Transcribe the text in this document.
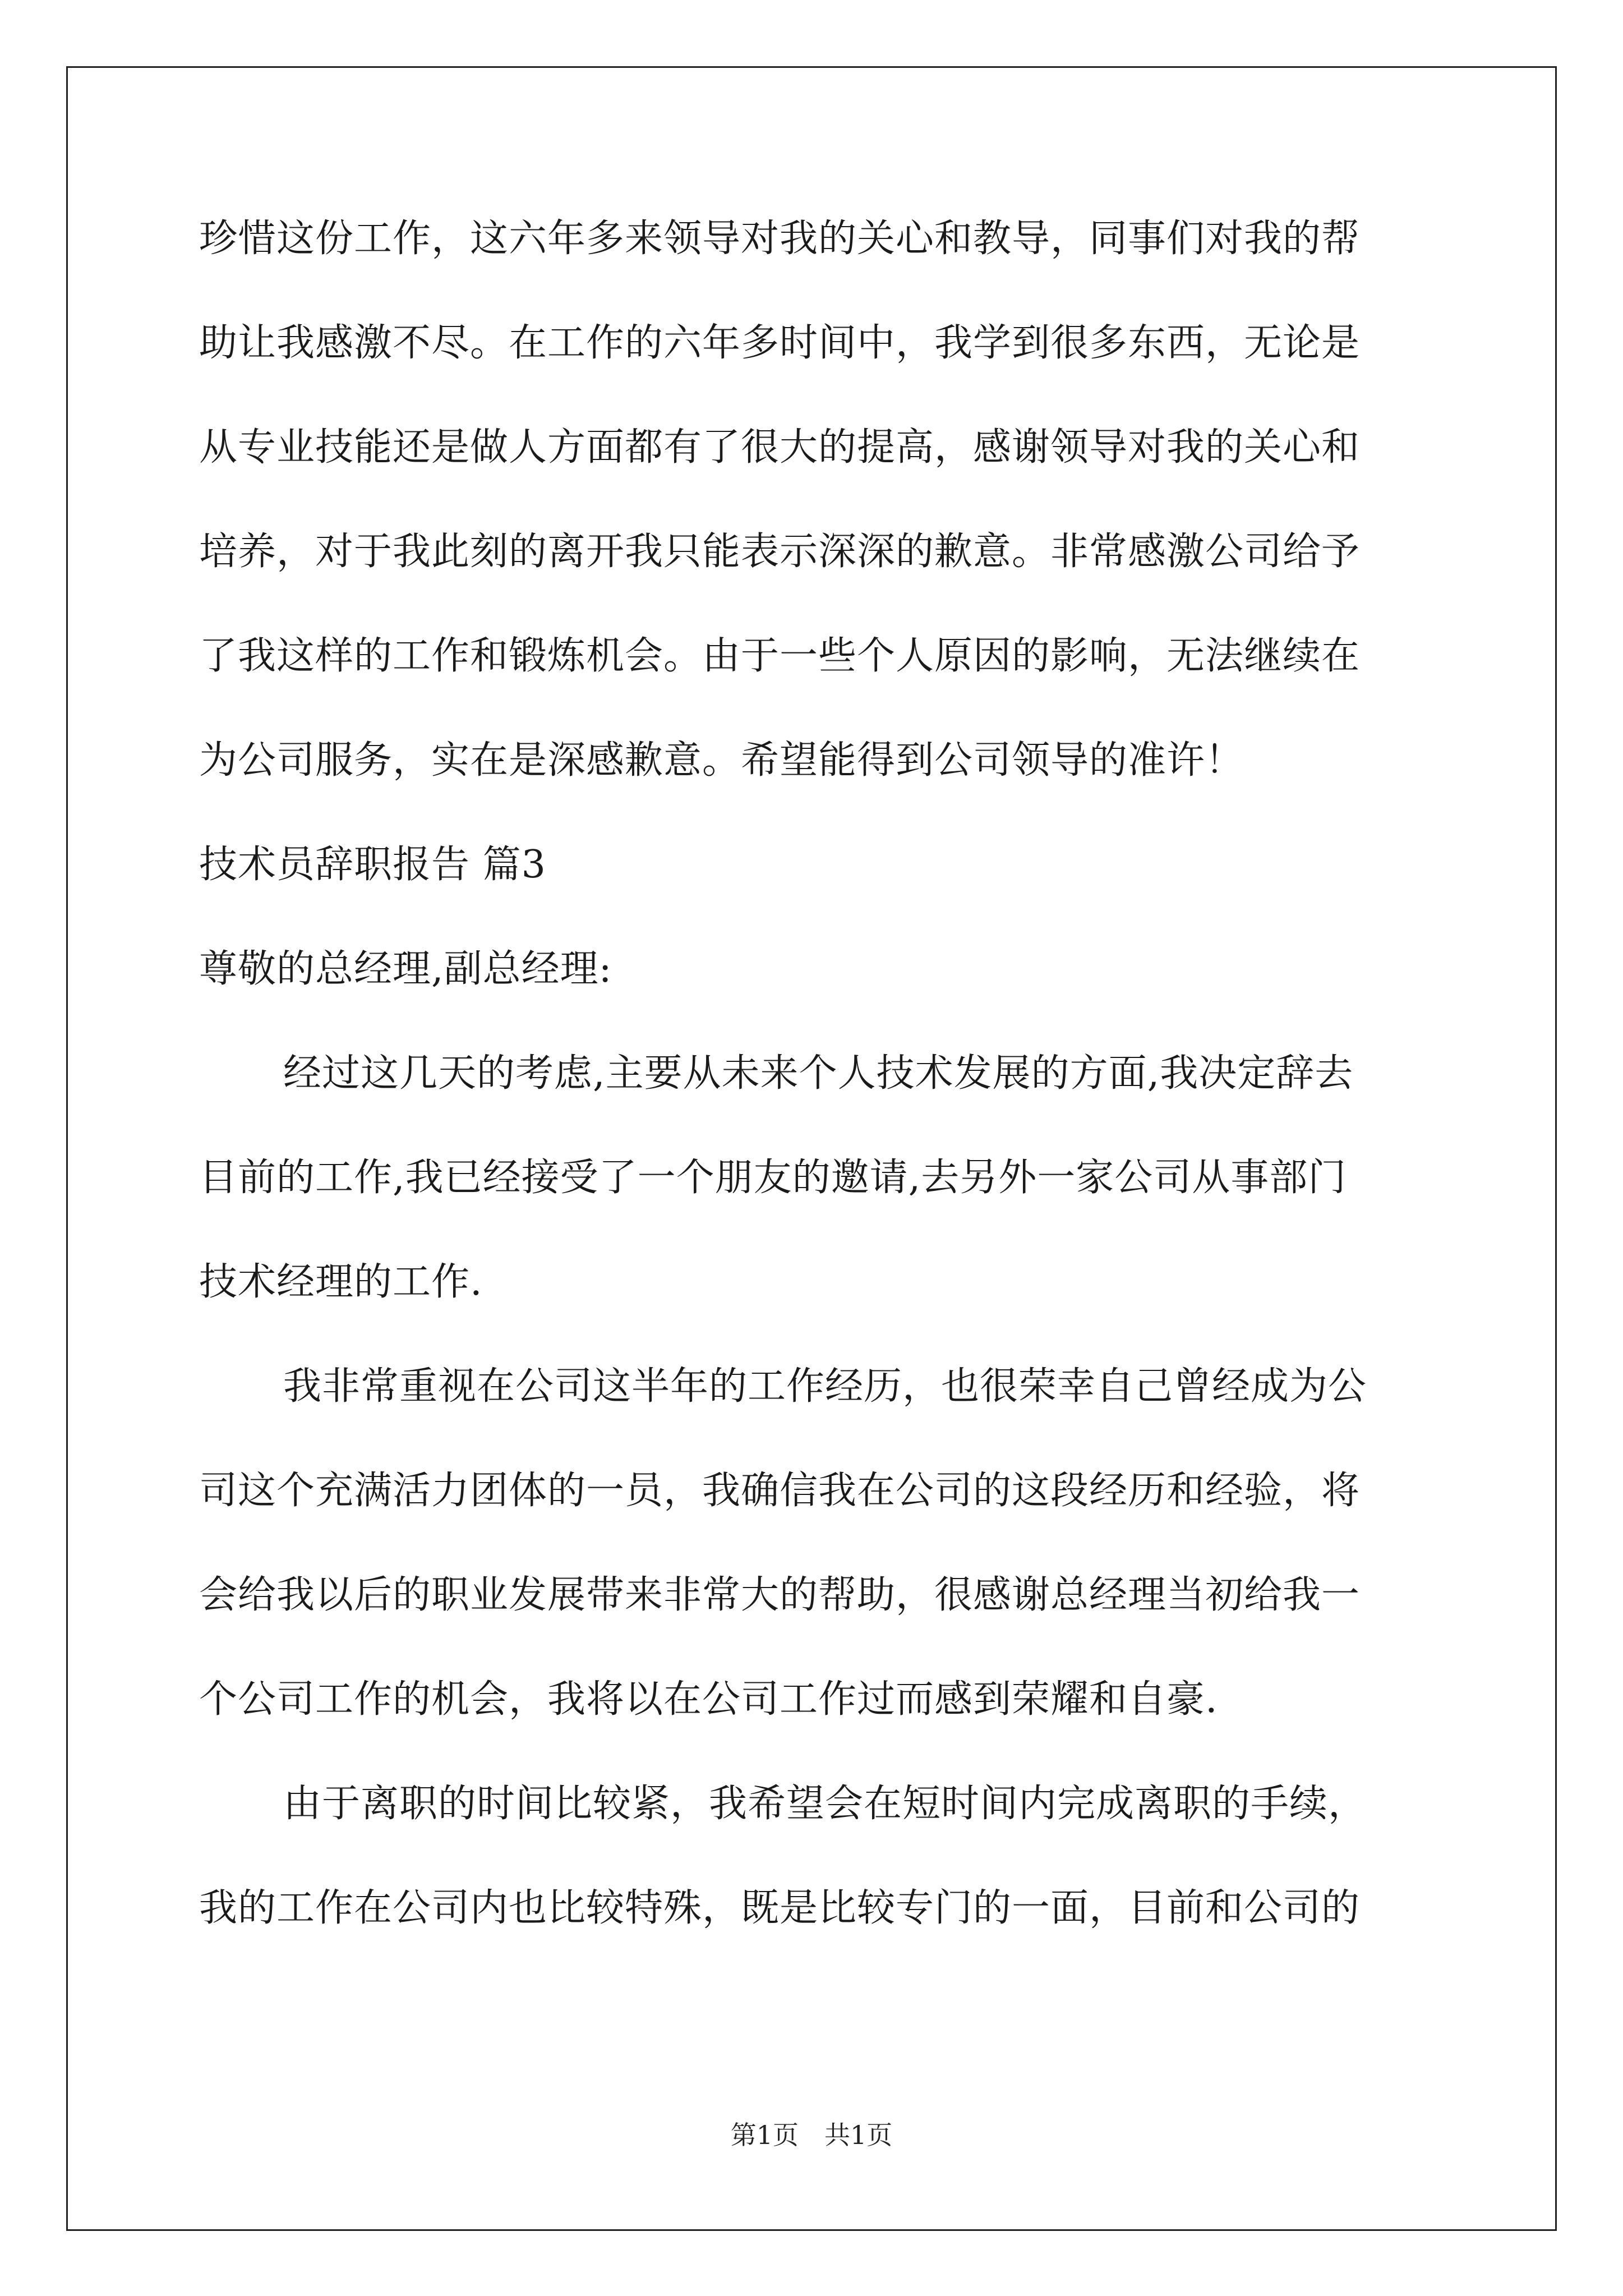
珍惜这份工作，这六年多来领导对我的关心和教导，同事们对我的帮
助让我感激不尽。在工作的六年多时间中，我学到很多东西，无论是
从专业技能还是做人方面都有了很大的提高，感谢领导对我的关心和
培养，对于我此刻的离开我只能表示深深的歉意。非常感激公司给予
了我这样的工作和锻炼机会。由于一些个人原因的影响，无法继续在
为公司服务，实在是深感歉意。希望能得到公司领导的准许！
技术员辞职报告 篇3
尊敬的总经理,副总经理:
经过这几天的考虑,主要从未来个人技术发展的方面,我决定辞去
目前的工作,我已经接受了一个朋友的邀请,去另外一家公司从事部门
技术经理的工作.
我非常重视在公司这半年的工作经历，也很荣幸自己曾经成为公
司这个充满活力团体的一员，我确信我在公司的这段经历和经验，将
会给我以后的职业发展带来非常大的帮助，很感谢总经理当初给我一
个公司工作的机会，我将以在公司工作过而感到荣耀和自豪.
由于离职的时间比较紧，我希望会在短时间内完成离职的手续，
我的工作在公司内也比较特殊，既是比较专门的一面，目前和公司的
第1页　共1页
